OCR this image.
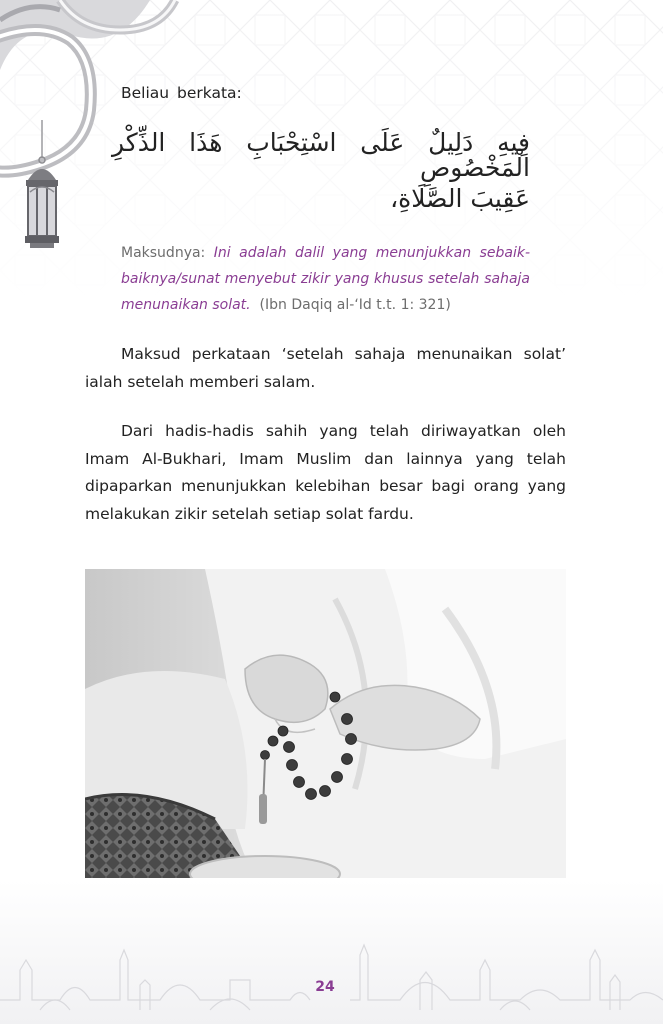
Beliau berkata:

فِيهِ دَلِيلٌ عَلَى اسْتِحْبَابِ هَذَا الذِّكْرِ الْمَخْصُوصِ

عَقِيبَ الصَّلَاةِ،

Maksudnya: Ini adalah dalil yang menunjukkan sebaik-baiknya/sunat menyebut zikir yang khusus setelah sahaja menunaikan solat. (Ibn Daqiq al-‘Id t.t. 1: 321)

Maksud perkataan ‘setelah sahaja menunaikan solat’ ialah setelah memberi salam.

Dari hadis-hadis sahih yang telah diriwayatkan oleh Imam Al-Bukhari, Imam Muslim dan lainnya yang telah dipaparkan menunjukkan kelebihan besar bagi orang yang melakukan zikir setelah setiap solat fardu.

24
